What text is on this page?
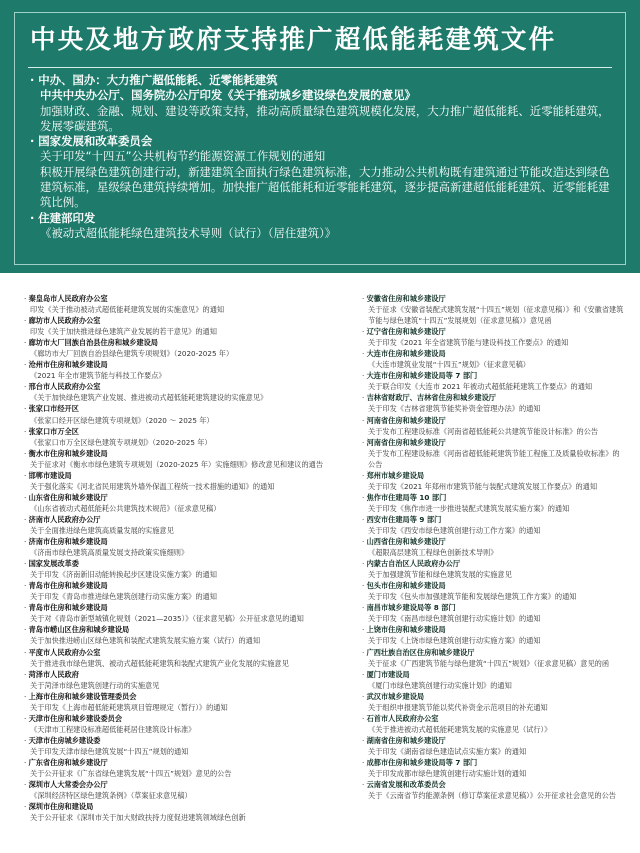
中央及地方政府支持推广超低能耗建筑文件
· 中办、国办：大力推广超低能耗、近零能耗建筑
中共中央办公厅、国务院办公厅印发《关于推动城乡建设绿色发展的意见》
加强财政、金融、规划、建设等政策支持，推动高质量绿色建筑规模化发展，大力推广超低能耗、近零能耗建筑，发展零碳建筑。
· 国家发展和改革委员会
关于印发“十四五”公共机构节约能源资源工作规划的通知
积极开展绿色建筑创建行动，新建建筑全面执行绿色建筑标准，大力推动公共机构既有建筑通过节能改造达到绿色建筑标准，星级绿色建筑持续增加。加快推广超低能耗和近零能耗建筑，逐步提高新建超低能耗建筑、近零能耗建筑比例。
· 住建部印发
《被动式超低能耗绿色建筑技术导则（试行）（居住建筑）》
· 秦皇岛市人民政府办公室
印发《关于推动被动式超低能耗建筑发展的实施意见》的通知
· 廊坊市人民政府办公室
印发《关于加快推进绿色建筑产业发展的若干意见》的通知
· 廊坊市大厂回族自治县住房和城乡建设局
《廊坊市大厂回族自治县绿色建筑专项规划》（2020-2025 年）
· 沧州市住房和城乡建设局
《2021 年全市建筑节能与科技工作要点》
· 邢台市人民政府办公室
《关于加快绿色建筑产业发展、推进被动式超低能耗建筑建设的实施意见》
· 张家口市经开区
《张家口经开区绿色建筑专项规划》（2020 ～ 2025 年）
· 张家口市万全区
《张家口市万全区绿色建筑专项规划》（2020-2025 年）
· 衡水市住房和城乡建设局
关于征求对《衡水市绿色建筑专项规划（2020-2025 年）实施细则》修改意见和建议的通告
· 邯郸市建设局
关于强化落实《河北省民用建筑外墙外保温工程统一技术措施的通知》的通知
· 山东省住房和城乡建设厅
《山东省被动式超低能耗公共建筑技术规范》（征求意见稿）
· 济南市人民政府办公厅
关于全面推进绿色建筑高质量发展的实施意见
· 济南市住房和城乡建设局
《济南市绿色建筑高质量发展支持政策实施细则》
· 国家发展改革委
关于印发《济南新旧动能转换起步区建设实施方案》的通知
· 青岛市住房和城乡建设局
关于印发《青岛市推进绿色建筑创建行动实施方案》的通知
· 青岛市住房和城乡建设局
关于对《青岛市新型城镇化规划（2021—2035）》（征求意见稿）公开征求意见的通知
· 青岛市崂山区住房和城乡建设局
关于加快推进崂山区绿色建筑和装配式建筑发展实施方案（试行）的通知
· 平度市人民政府办公室
关于推进我市绿色建筑、被动式超低能耗建筑和装配式建筑产业化发展的实施意见
· 菏泽市人民政府
关于菏泽市绿色建筑创建行动的实施意见
· 上海市住房和城乡建设管理委员会
关于印发《上海市超低能耗建筑项目管理规定（暂行）》的通知
· 天津市住房和城乡建设委员会
《天津市工程建设标准超低能耗居住建筑设计标准》
· 天津市住房城乡建设委
关于印发天津市绿色建筑发展“十四五”规划的通知
· 广东省住房和城乡建设厅
关于公开征求《广东省绿色建筑发展“十四五”规划》意见的公告
· 深圳市人大常委会办公厅
《深圳经济特区绿色建筑条例》（草案征求意见稿）
· 深圳市住房和建设局
关于公开征求《深圳市关于加大财政扶持力度促进建筑领域绿色创新
· 安徽省住房和城乡建设厅
关于征求《安徽省装配式建筑发展“十四五”规划（征求意见稿）》和《安徽省建筑节能与绿色建筑“十四五”发展规划（征求意见稿）》意见函
· 辽宁省住房和城乡建设厅
关于印发《2021 年全省建筑节能与建设科技工作要点》的通知
· 大连市住房和城乡建设局
《大连市建筑业发展“十四五”规划》（征求意见稿）
· 大连市住房和城乡建设局等 7 部门
关于联合印发《大连市 2021 年被动式超低能耗建筑工作要点》的通知
· 吉林省财政厅、吉林省住房和城乡建设厅
关于印发《吉林省建筑节能奖补资金管理办法》的通知
· 河南省住房和城乡建设厅
关于发布工程建设标准《河南省超低能耗公共建筑节能设计标准》的公告
· 河南省住房和城乡建设厅
关于发布工程建设标准《河南省超低能耗建筑节能工程施工及质量验收标准》的公告
· 郑州市城乡建设局
关于印发《2021 年郑州市建筑节能与装配式建筑发展工作要点》的通知
· 焦作市住建局等 10 部门
关于印发《焦作市进一步推进装配式建筑发展实施方案》的通知
· 西安市住建局等 9 部门
关于印发《西安市绿色建筑创建行动工作方案》的通知
· 山西省住房和城乡建设厅
《超限高层建筑工程绿色创新技术导则》
· 内蒙古自治区人民政府办公厅
关于加强建筑节能和绿色建筑发展的实施意见
· 包头市住房和城乡建设局
关于印发《包头市加强建筑节能和发展绿色建筑工作方案》的通知
· 南昌市城乡建设局等 8 部门
关于印发《南昌市绿色建筑创建行动实施计划》的通知
· 上饶市住房和城乡建设局
关于印发《上饶市绿色建筑创建行动实施方案》的通知
· 广西壮族自治区住房和城乡建设厅
关于征求《广西建筑节能与绿色建筑“十四五”规划》（征求意见稿）意见的函
· 厦门市建设局
《厦门市绿色建筑创建行动实施计划》的通知
· 武汉市城乡建设局
关于组织申报建筑节能以奖代补资金示范项目的补充通知
· 石首市人民政府办公室
《关于推进被动式超低能耗建筑发展的实施意见（试行）》
· 湖南省住房和城乡建设厅
关于印发《湖南省绿色建造试点实施方案》的通知
· 成都市住房和城乡建设局等 7 部门
关于印发成都市绿色建筑创建行动实施计划的通知
· 云南省发展和改革委员会
关于《云南省节约能源条例（修订草案征求意见稿）》公开征求社会意见的公告
